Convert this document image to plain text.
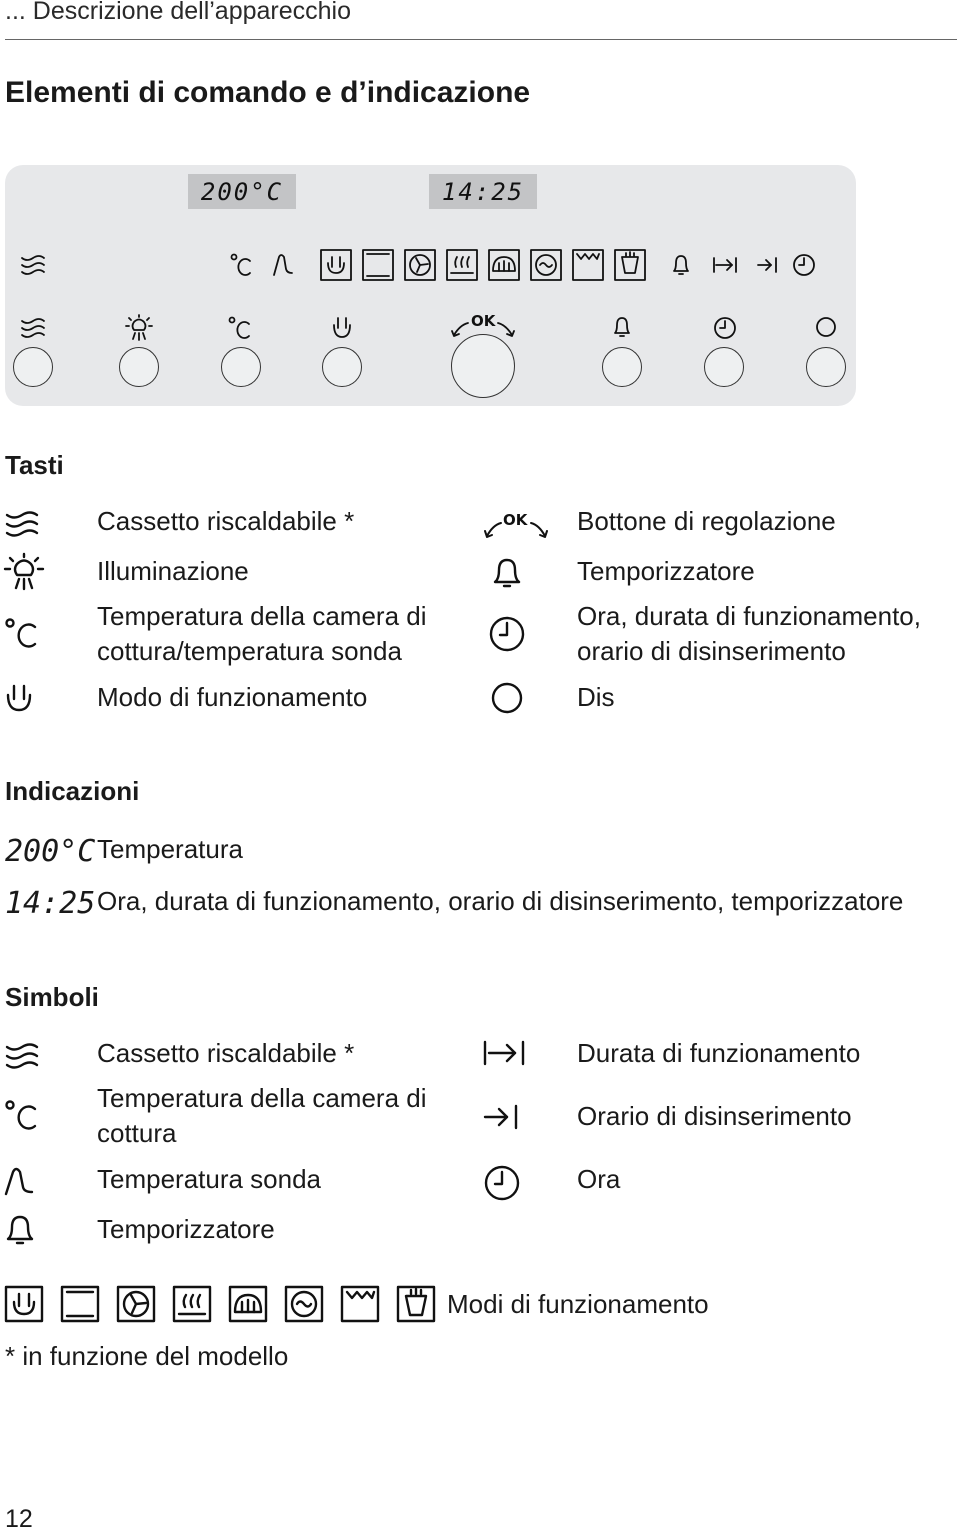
... Descrizione dell’apparecchio
Elementi di comando e d’indicazione
200°C	14:25
OK
Tasti
Cassetto riscaldabile *
Illuminazione
Temperatura della camera di
cottura/temperatura sonda
Modo di funzionamento
OK Bottone di regolazione
Temporizzatore
Ora, durata di funzionamento,
orario di disinserimento
Dis
Indicazioni
200°C Temperatura
14:25 Ora, durata di funzionamento, orario di disinserimento, temporizzatore
Simboli
Cassetto riscaldabile *
Temperatura della camera di
cottura
Temperatura sonda
Temporizzatore
Durata di funzionamento
Orario di disinserimento
Ora
Modi di funzionamento
* in funzione del modello
12
